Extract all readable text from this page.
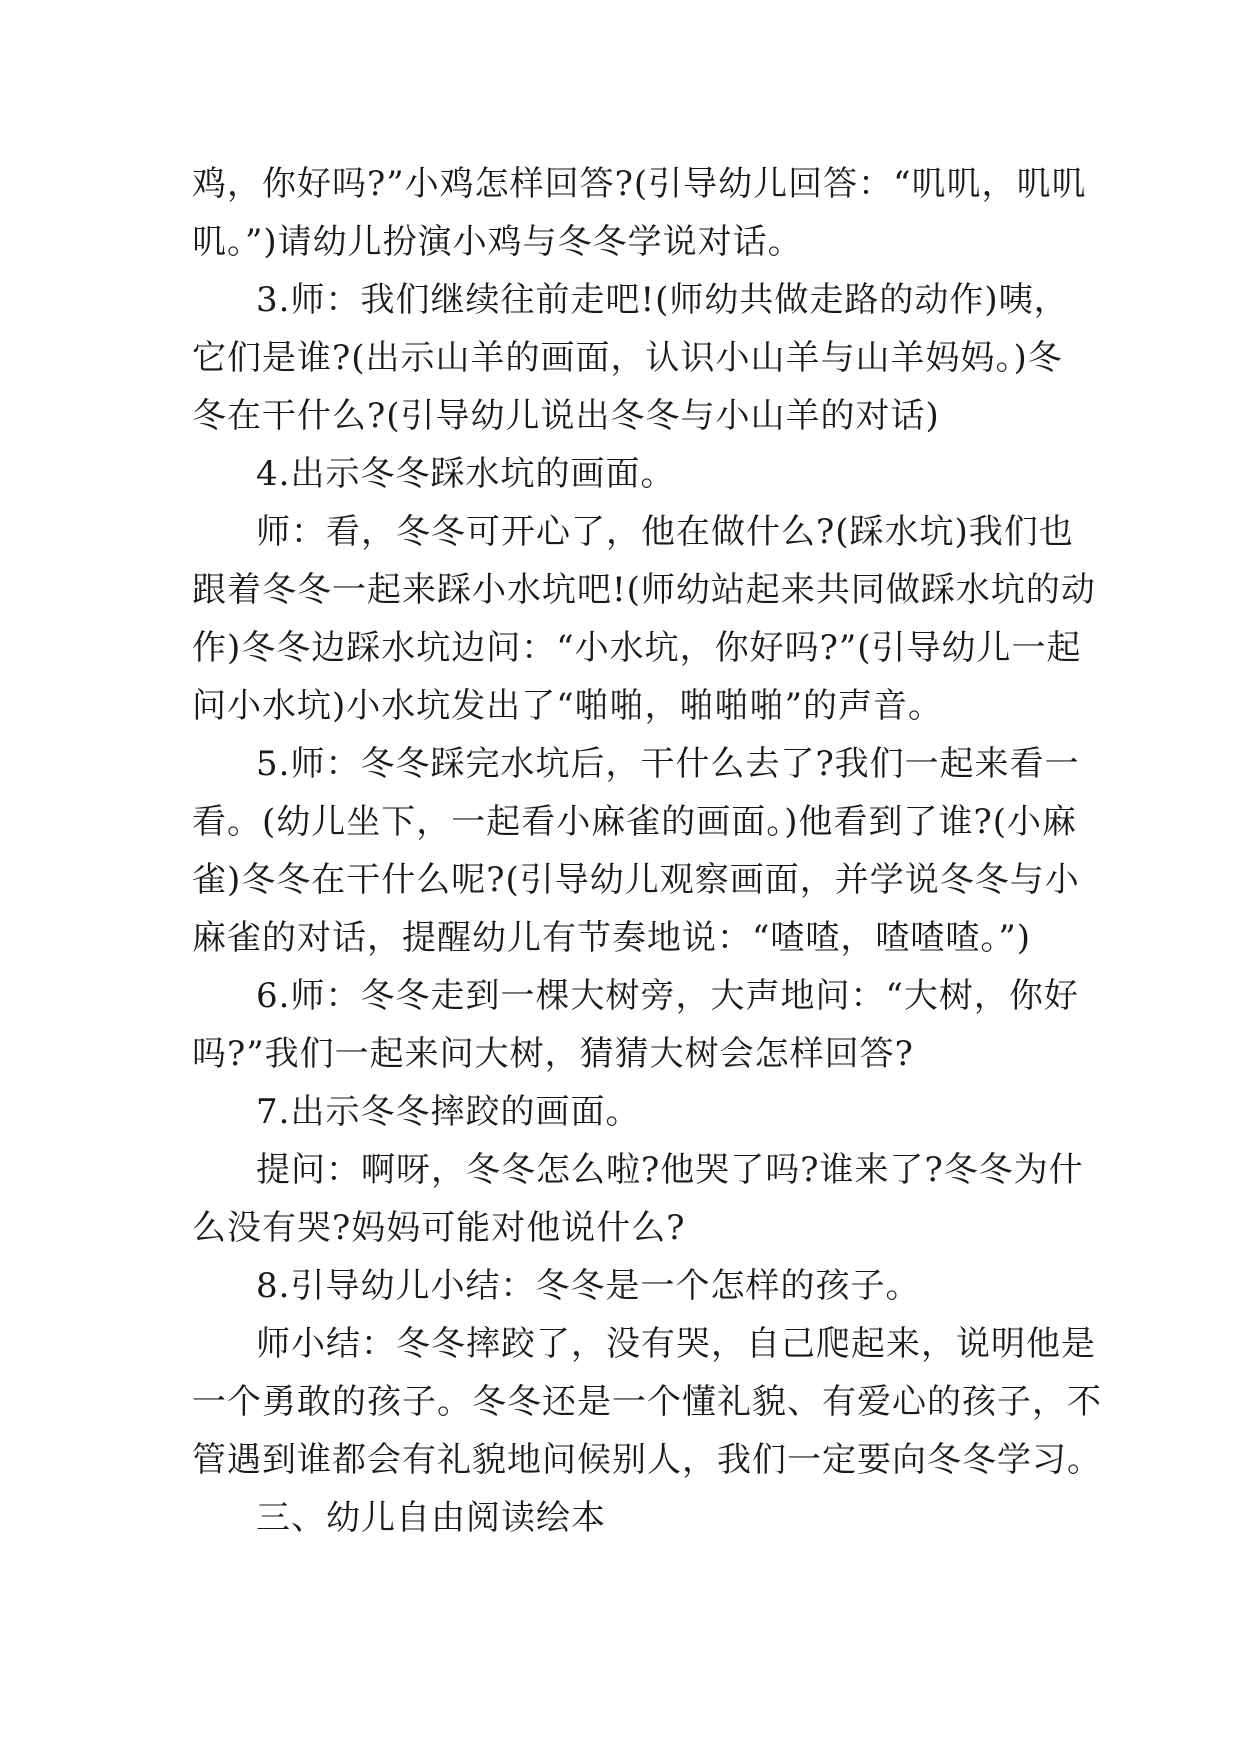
鸡，你好吗?”小鸡怎样回答?(引导幼儿回答：“叽叽，叽叽
叽。”)请幼儿扮演小鸡与冬冬学说对话。
3.师：我们继续往前走吧!(师幼共做走路的动作)咦，
它们是谁?(出示山羊的画面，认识小山羊与山羊妈妈。)冬
冬在干什么?(引导幼儿说出冬冬与小山羊的对话)
4.出示冬冬踩水坑的画面。
师：看，冬冬可开心了，他在做什么?(踩水坑)我们也
跟着冬冬一起来踩小水坑吧!(师幼站起来共同做踩水坑的动
作)冬冬边踩水坑边问：“小水坑，你好吗?”(引导幼儿一起
问小水坑)小水坑发出了“啪啪，啪啪啪”的声音。
5.师：冬冬踩完水坑后，干什么去了?我们一起来看一
看。(幼儿坐下，一起看小麻雀的画面。)他看到了谁?(小麻
雀)冬冬在干什么呢?(引导幼儿观察画面，并学说冬冬与小
麻雀的对话，提醒幼儿有节奏地说：“喳喳，喳喳喳。”)
6.师：冬冬走到一棵大树旁，大声地问：“大树，你好
吗?”我们一起来问大树，猜猜大树会怎样回答?
7.出示冬冬摔跤的画面。
提问：啊呀，冬冬怎么啦?他哭了吗?谁来了?冬冬为什
么没有哭?妈妈可能对他说什么?
8.引导幼儿小结：冬冬是一个怎样的孩子。
师小结：冬冬摔跤了，没有哭，自己爬起来，说明他是
一个勇敢的孩子。冬冬还是一个懂礼貌、有爱心的孩子，不
管遇到谁都会有礼貌地问候别人，我们一定要向冬冬学习。
三、幼儿自由阅读绘本
